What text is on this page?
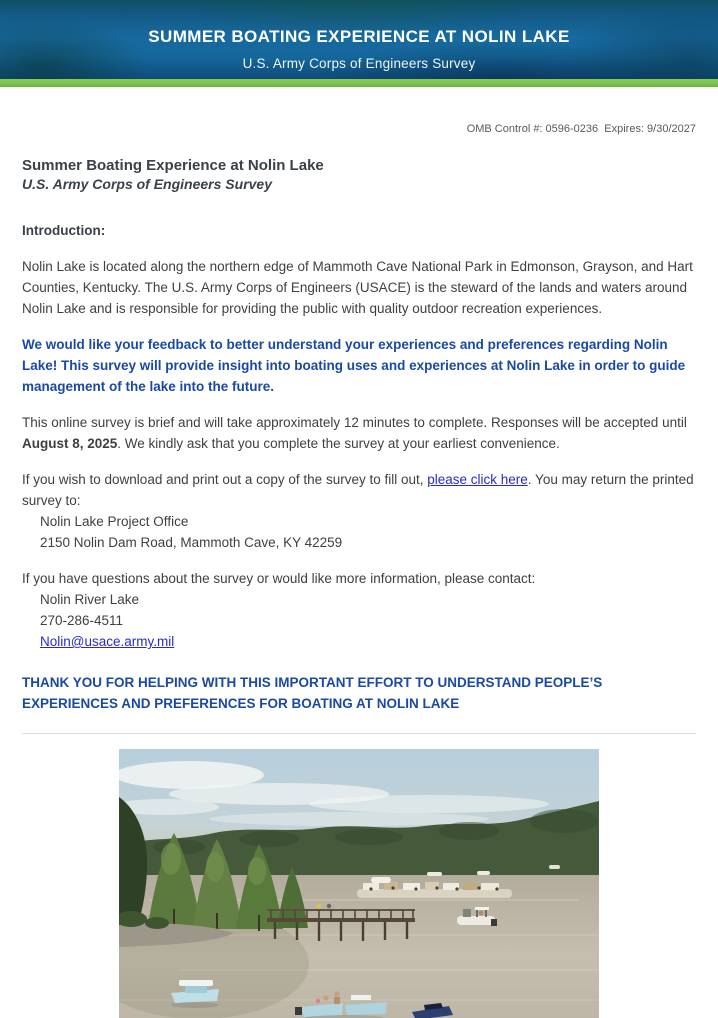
SUMMER BOATING EXPERIENCE AT NOLIN LAKE
U.S. Army Corps of Engineers Survey
OMB Control #: 0596-0236  Expires: 9/30/2027
Summer Boating Experience at Nolin Lake
U.S. Army Corps of Engineers Survey
Introduction:

Nolin Lake is located along the northern edge of Mammoth Cave National Park in Edmonson, Grayson, and Hart Counties, Kentucky. The U.S. Army Corps of Engineers (USACE) is the steward of the lands and waters around Nolin Lake and is responsible for providing the public with quality outdoor recreation experiences.

We would like your feedback to better understand your experiences and preferences regarding Nolin Lake! This survey will provide insight into boating uses and experiences at Nolin Lake in order to guide management of the lake into the future.

This online survey is brief and will take approximately 12 minutes to complete. Responses will be accepted until August 8, 2025. We kindly ask that you complete the survey at your earliest convenience.

If you wish to download and print out a copy of the survey to fill out, please click here. You may return the printed survey to:

Nolin Lake Project Office
2150 Nolin Dam Road, Mammoth Cave, KY 42259

If you have questions about the survey or would like more information, please contact:

Nolin River Lake
270-286-4511
Nolin@usace.army.mil

THANK YOU FOR HELPING WITH THIS IMPORTANT EFFORT TO UNDERSTAND PEOPLE’S EXPERIENCES AND PREFERENCES FOR BOATING AT NOLIN LAKE
